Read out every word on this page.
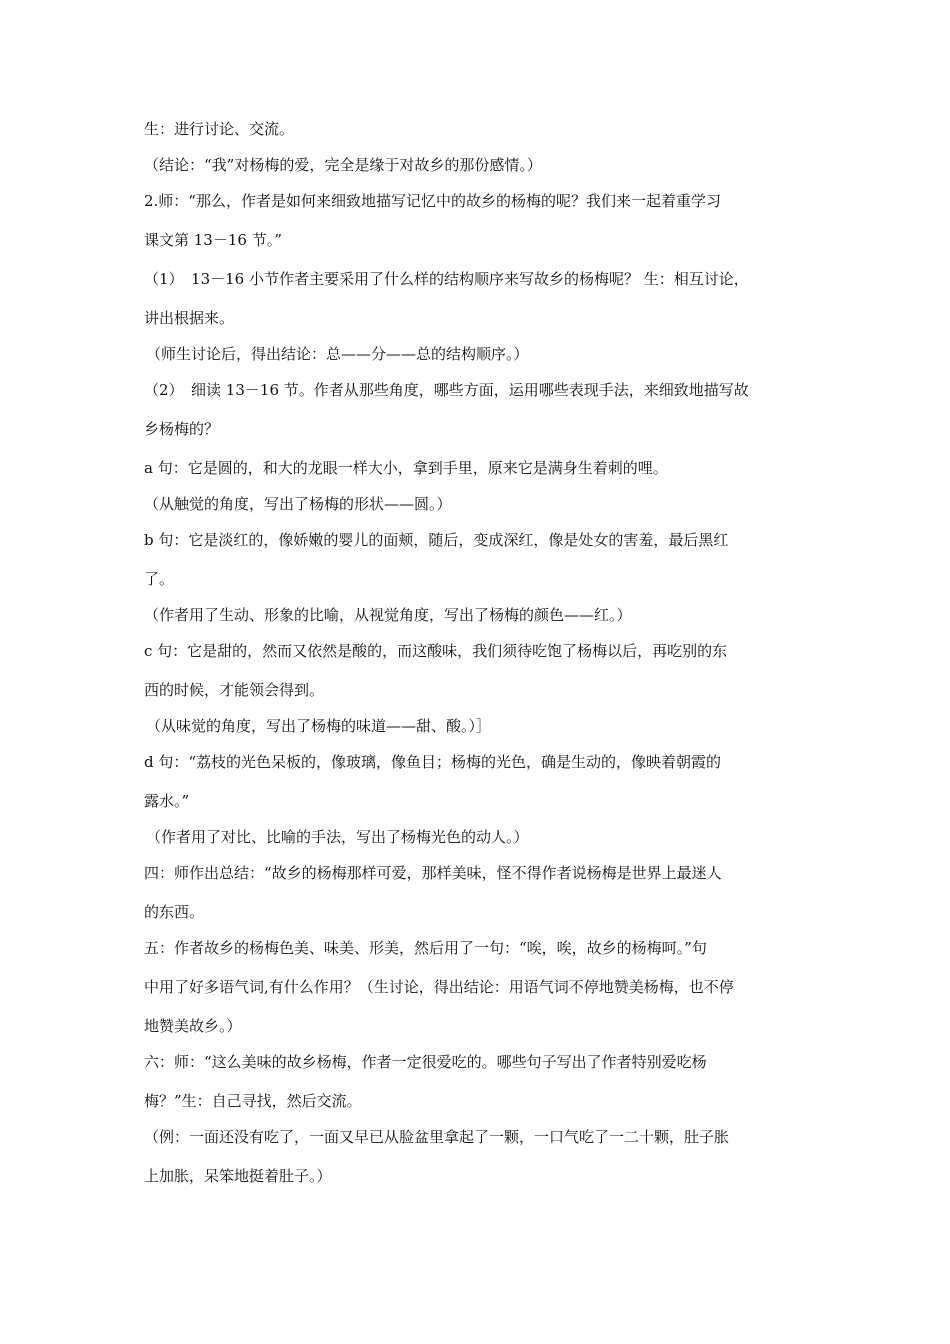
生：进行讨论、交流。

（结论：“我”对杨梅的爱，完全是缘于对故乡的那份感情。）

2.师：“那么，作者是如何来细致地描写记忆中的故乡的杨梅的呢？我们来一起着重学习

课文第 13－16 节。”

（1）　13－16 小节作者主要采用了什么样的结构顺序来写故乡的杨梅呢？ 生：相互讨论，

讲出根据来。

（师生讨论后，得出结论：总——分——总的结构顺序。）

（2）　细读 13－16 节。作者从那些角度，哪些方面，运用哪些表现手法，来细致地描写故

乡杨梅的？

a 句：它是圆的，和大的龙眼一样大小，拿到手里，原来它是满身生着刺的哩。

（从触觉的角度，写出了杨梅的形状——圆。）

b 句：它是淡红的，像娇嫩的婴儿的面颊，随后，变成深红，像是处女的害羞，最后黑红

了。

（作者用了生动、形象的比喻，从视觉角度，写出了杨梅的颜色——红。）

c 句：它是甜的，然而又依然是酸的，而这酸味，我们须待吃饱了杨梅以后，再吃别的东

西的时候，才能领会得到。

（从味觉的角度，写出了杨梅的味道——甜、酸。）］

d 句：“荔枝的光色呆板的，像玻璃，像鱼目；杨梅的光色，确是生动的，像映着朝霞的

露水。”

（作者用了对比、比喻的手法，写出了杨梅光色的动人。）

四：师作出总结：“故乡的杨梅那样可爱，那样美味，怪不得作者说杨梅是世界上最迷人

的东西。

五：作者故乡的杨梅色美、味美、形美，然后用了一句：“唉，唉，故乡的杨梅呵。”句

中用了好多语气词,有什么作用？（生讨论，得出结论：用语气词不停地赞美杨梅，也不停

地赞美故乡。）

六：师：“这么美味的故乡杨梅，作者一定很爱吃的。哪些句子写出了作者特别爱吃杨

梅？”生：自己寻找，然后交流。

（例：一面还没有吃了，一面又早已从脸盆里拿起了一颗，一口气吃了一二十颗，肚子胀

上加胀，呆笨地挺着肚子。）
